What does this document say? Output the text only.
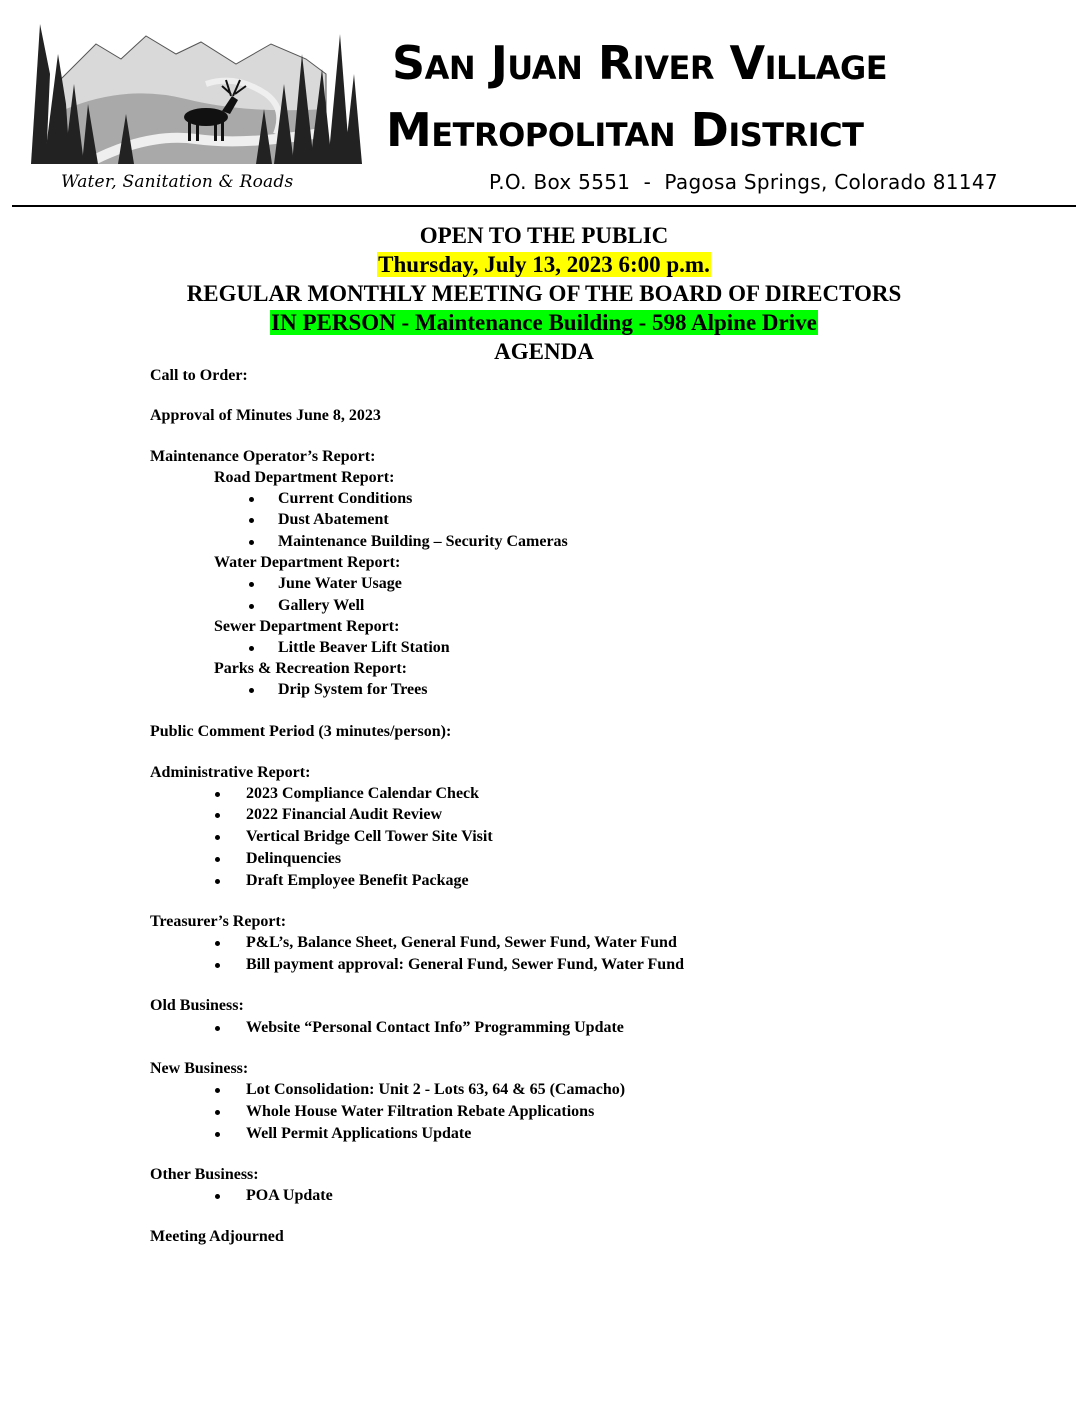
San Juan River Village
Metropolitan District
Water, Sanitation & Roads	P.O. Box 5551  -  Pagosa Springs, Colorado 81147
OPEN TO THE PUBLIC
Thursday, July 13, 2023 6:00 p.m.
REGULAR MONTHLY MEETING OF THE BOARD OF DIRECTORS
IN PERSON - Maintenance Building - 598 Alpine Drive
AGENDA
Call to Order:
Approval of Minutes June 8, 2023
Maintenance Operator’s Report:
Road Department Report:
Current Conditions
Dust Abatement
Maintenance Building – Security Cameras
Water Department Report:
June Water Usage
Gallery Well
Sewer Department Report:
Little Beaver Lift Station
Parks & Recreation Report:
Drip System for Trees
Public Comment Period (3 minutes/person):
Administrative Report:
2023 Compliance Calendar Check
2022 Financial Audit Review
Vertical Bridge Cell Tower Site Visit
Delinquencies
Draft Employee Benefit Package
Treasurer’s Report:
P&L’s, Balance Sheet, General Fund, Sewer Fund, Water Fund
Bill payment approval: General Fund, Sewer Fund, Water Fund
Old Business:
Website “Personal Contact Info” Programming Update
New Business:
Lot Consolidation: Unit 2 - Lots 63, 64 & 65 (Camacho)
Whole House Water Filtration Rebate Applications
Well Permit Applications Update
Other Business:
POA Update
Meeting Adjourned
